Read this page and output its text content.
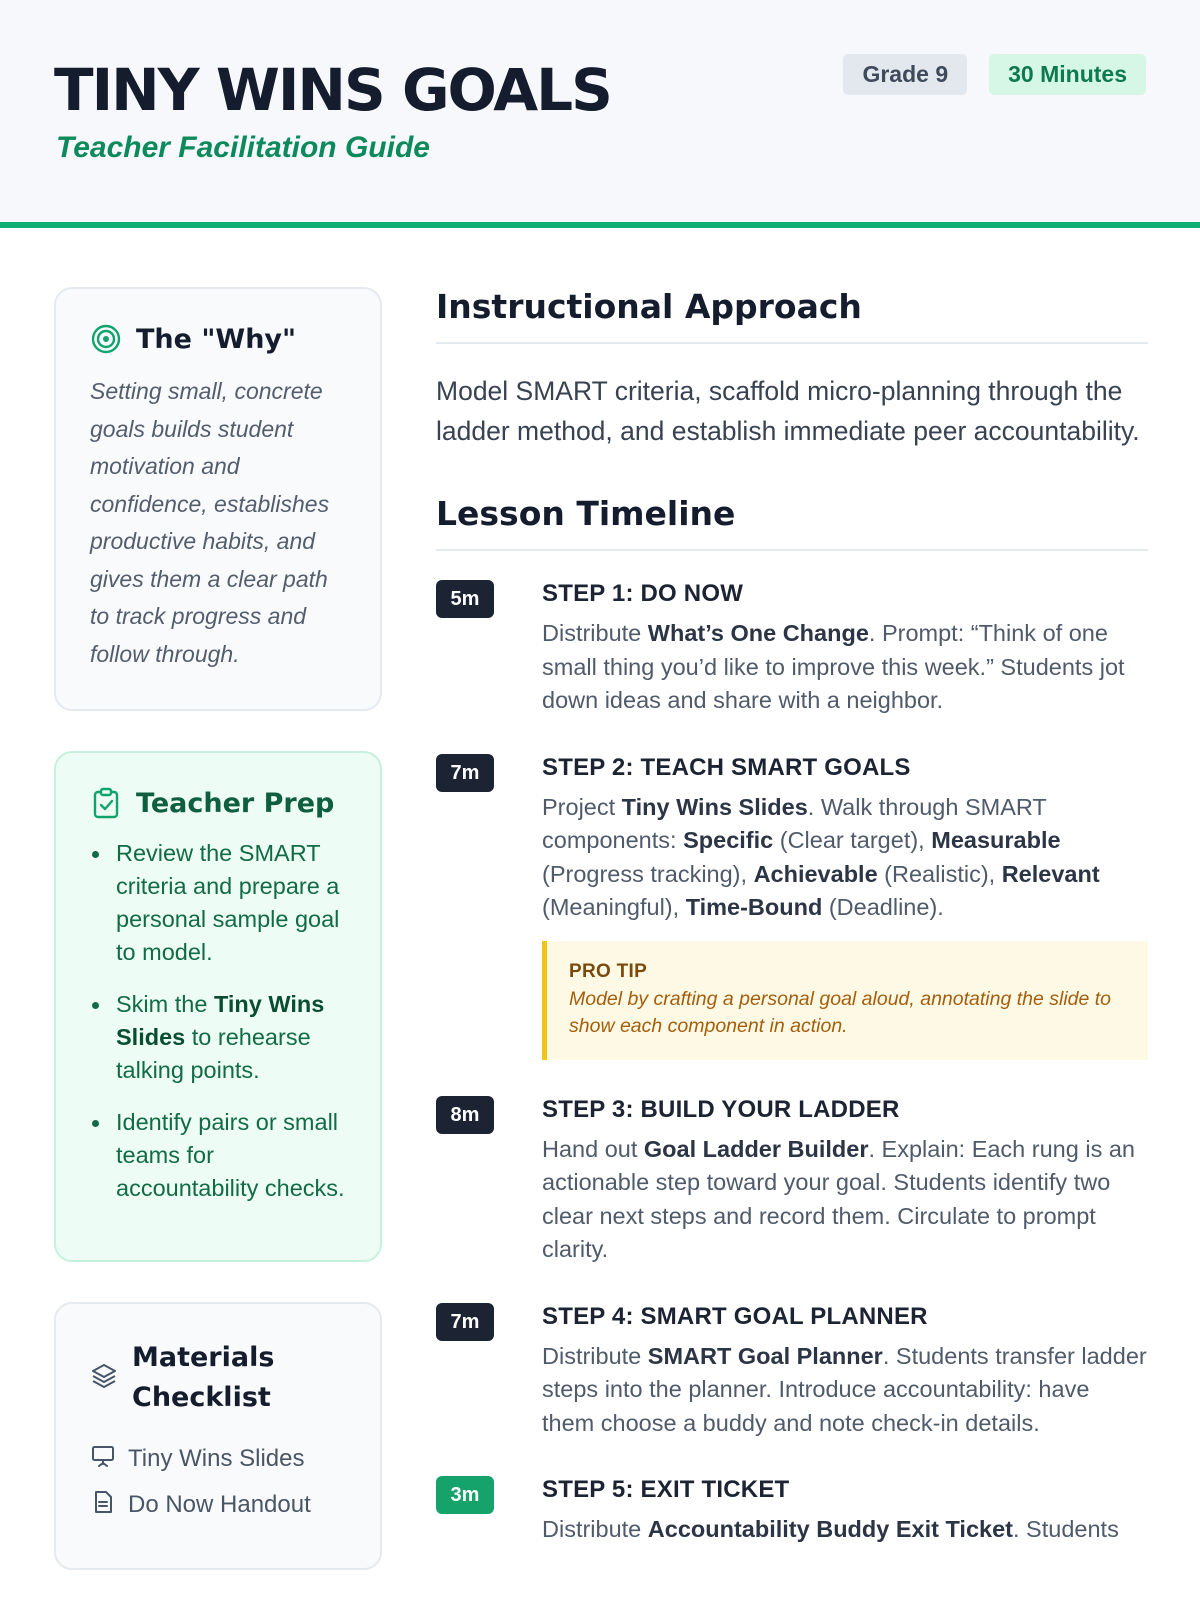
TINY WINS GOALS
Teacher Facilitation Guide
Grade 9	30 Minutes
The "Why"

Setting small, concrete goals builds student motivation and confidence, establishes productive habits, and gives them a clear path to track progress and follow through.

Teacher Prep
Review the SMART criteria and prepare a personal sample goal to model.
Skim the Tiny Wins Slides to rehearse talking points.
Identify pairs or small teams for accountability checks.
Materials Checklist
Tiny Wins Slides
Do Now Handout
Instructional Approach

Model SMART criteria, scaffold micro-planning through the ladder method, and establish immediate peer accountability.

Lesson Timeline
5m	STEP 1: DO NOW

Distribute What’s One Change. Prompt: “Think of one small thing you’d like to improve this week.” Students jot down ideas and share with a neighbor.

7m	STEP 2: TEACH SMART GOALS

Project Tiny Wins Slides. Walk through SMART components: Specific (Clear target), Measurable (Progress tracking), Achievable (Realistic), Relevant (Meaningful), Time-Bound (Deadline).

PRO TIP
Model by crafting a personal goal aloud, annotating the slide to show each component in action.
8m	STEP 3: BUILD YOUR LADDER

Hand out Goal Ladder Builder. Explain: Each rung is an actionable step toward your goal. Students identify two clear next steps and record them. Circulate to prompt clarity.

7m	STEP 4: SMART GOAL PLANNER

Distribute SMART Goal Planner. Students transfer ladder steps into the planner. Introduce accountability: have them choose a buddy and note check-in details.

3m	STEP 5: EXIT TICKET

Distribute Accountability Buddy Exit Ticket. Students
